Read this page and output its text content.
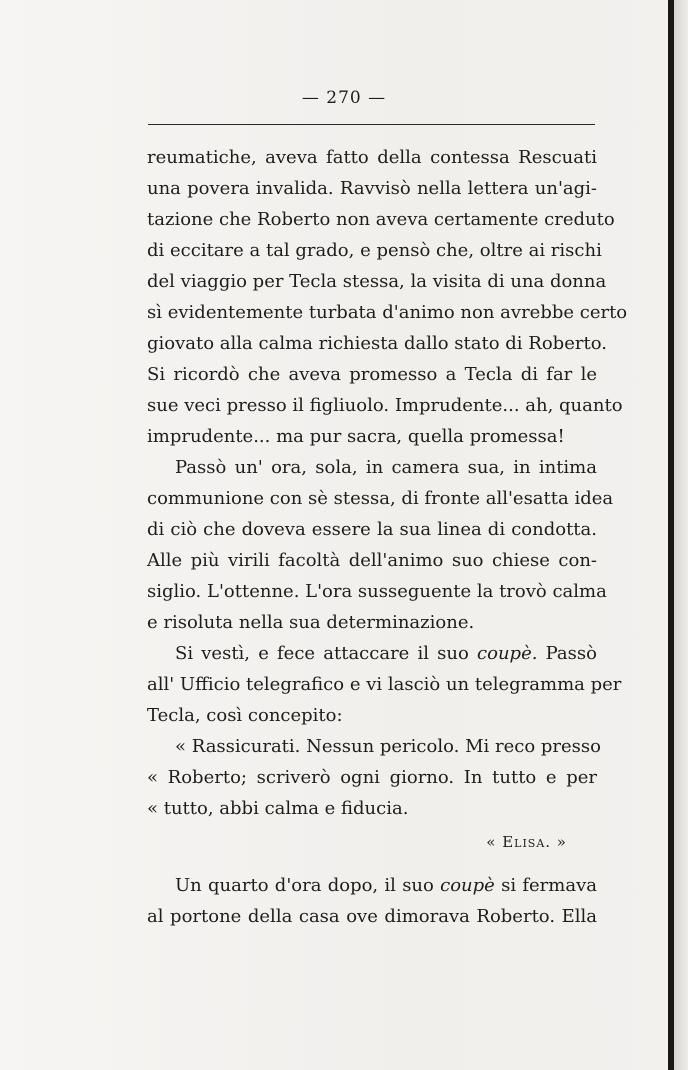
— 270 —
reumatiche, aveva fatto della contessa Rescuati
una povera invalida. Ravvisò nella lettera un'agi-
tazione che Roberto non aveva certamente creduto
di eccitare a tal grado, e pensò che, oltre ai rischi
del viaggio per Tecla stessa, la visita di una donna
sì evidentemente turbata d'animo non avrebbe certo
giovato alla calma richiesta dallo stato di Roberto.
Si ricordò che aveva promesso a Tecla di far le
sue veci presso il figliuolo. Imprudente... ah, quanto
imprudente... ma pur sacra, quella promessa!
Passò un' ora, sola, in camera sua, in intima
communione con sè stessa, di fronte all'esatta idea
di ciò che doveva essere la sua linea di condotta.
Alle più virili facoltà dell'animo suo chiese con-
siglio. L'ottenne. L'ora susseguente la trovò calma
e risoluta nella sua determinazione.
Si vestì, e fece attaccare il suo coupè. Passò
all' Ufficio telegrafico e vi lasciò un telegramma per
Tecla, così concepito:
« Rassicurati. Nessun pericolo. Mi reco presso
« Roberto; scriverò ogni giorno. In tutto e per
« tutto, abbi calma e fiducia.
« Elisa. »
Un quarto d'ora dopo, il suo coupè si fermava
al portone della casa ove dimorava Roberto. Ella
